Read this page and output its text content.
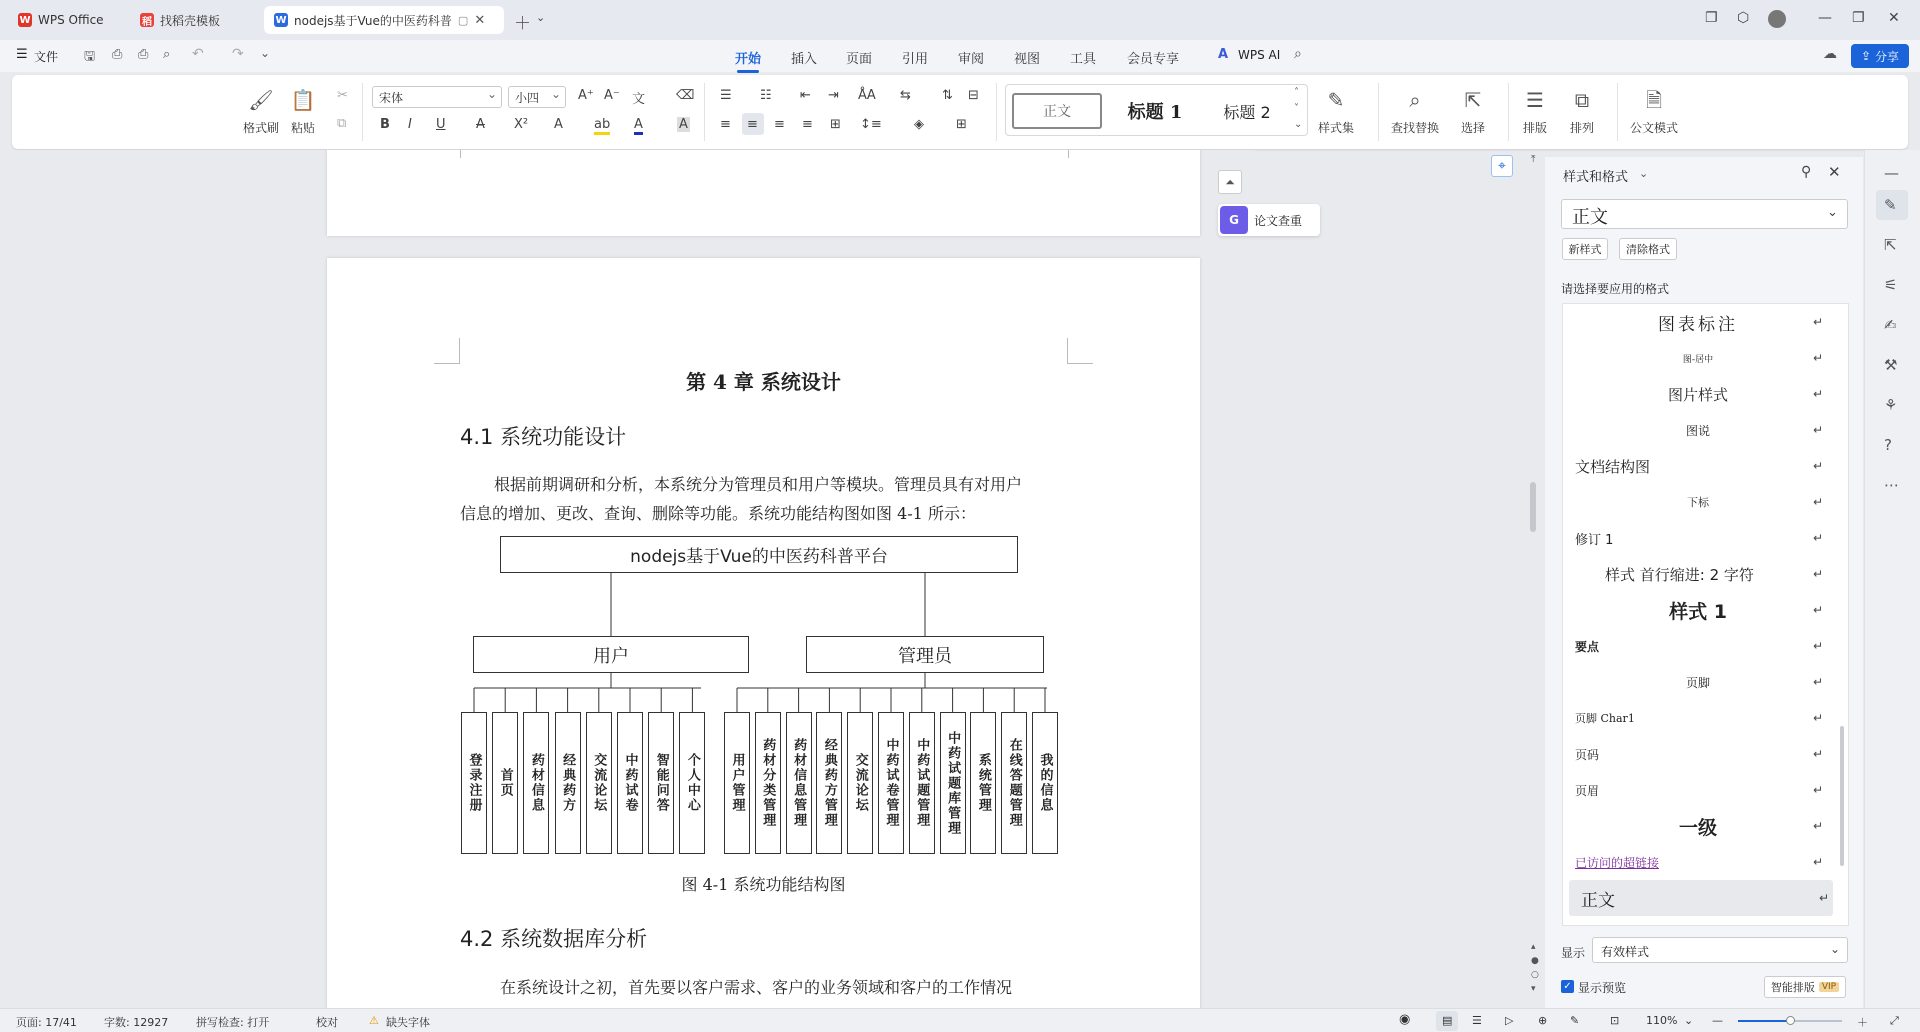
W WPS Office	稻 找稻壳模板	W nodejs基于Vue的中医药科普 ▢ ✕ ＋ ⌄	❐ ⬡	— ❐ ✕
☰ 文件 🖫 ⎙ ⎙ ⌕ ↶ ↷ ⌄	开始 插入 页面 引用 审阅 视图 工具 会员专享	A WPS AI ⌕	☁ ⇪ 分享
🖌
格式刷
📋
粘贴
✂
⧉
宋体 ⌄	小四 ⌄	A⁺ A⁻ 文 ⌫
B I U A X² A ab A	A
☰ ☷ ⇤ ⇥ ÅA ⇆ ⇅ ⊟
≡ ≡ ≡ ≡ ⊞ ↕≡ ◈ ⊞
正文	标题 1	标题 2
˄
˅
⌄
✎
样式集
⌕
查找替换
⇱
选择
☰
排版
⧉
排列
🗎
公文模式
第 4 章 系统设计
4.1 系统功能设计
根据前期调研和分析，本系统分为管理员和用户等模块。管理员具有对用户
信息的增加、更改、查询、删除等功能。系统功能结构图如图 4-1 所示：
nodejs基于Vue的中医药科普平台
用户	管理员
登录注册 首页 药材信息 经典药方 交流论坛 中药试卷 智能问答 个人中心 用户管理 药材分类管理 药材信息管理 经典药方管理 交流论坛 中药试卷管理 中药试题管理 中药试题库管理 系统管理 在线答题管理 我的信息
图 4-1 系统功能结构图
4.2 系统数据库分析
在系统设计之初，首先要以客户需求、客户的业务领域和客户的工作情况
⏶
G	论文查重
⌖	⤒
▴
●
○
▾
样式和格式 ⌄	⚲ ✕
正文	⌄
新样式	清除格式
请选择要应用的格式
图表标注	↵
图-居中	↵
图片样式	↵
图说	↵
文档结构图	↵
下标	↵
修订 1	↵
样式 首行缩进: 2 字符	↵
样式 1	↵
要点	↵
页脚	↵
页脚 Char1	↵
页码	↵
页眉	↵
一级	↵
已访问的超链接	↵
正文	↵
显示	有效样式	⌄
✓ 显示预览	智能排版 VIP
—
✎
⇱
⚟
✍
⚒
⚘
?
⋯
页面: 17/41 字数: 12927	拼写检查: 打开	校对	⚠ 缺失字体	◉	▤ ☰ ▷ ⊕ ✎	⊡ 110% ⌄ —	＋ ⤢
